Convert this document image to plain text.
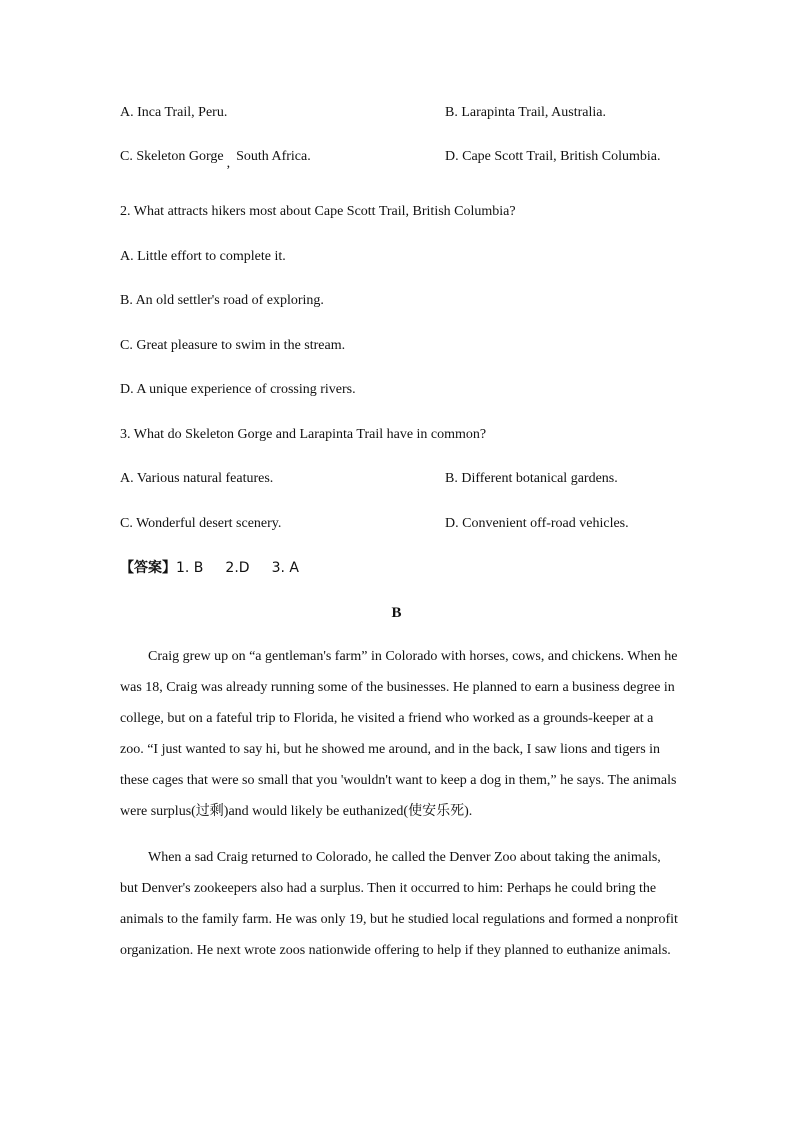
A. Inca Trail, Peru.	B. Larapinta Trail, Australia.
C. Skeleton Gorge , South Africa.	D. Cape Scott Trail, British Columbia.
2. What attracts hikers most about Cape Scott Trail, British Columbia?
A. Little effort to complete it.
B. An old settler's road of exploring.
C. Great pleasure to swim in the stream.
D. A unique experience of crossing rivers.
3. What do Skeleton Gorge and Larapinta Trail have in common?
A. Various natural features.	B. Different botanical gardens.
C. Wonderful desert scenery.	D. Convenient off-road vehicles.
【答案】1. B 2.D 3. A
B
Craig grew up on “a gentleman's farm” in Colorado with horses, cows, and chickens. When he was 18, Craig was already running some of the businesses. He planned to earn a business degree in college, but on a fateful trip to Florida, he visited a friend who worked as a grounds-keeper at a zoo. “I just wanted to say hi, but he showed me around, and in the back, I saw lions and tigers in these cages that were so small that you 'wouldn't want to keep a dog in them,” he says. The animals were surplus(过剩)and would likely be euthanized(使安乐死).
When a sad Craig returned to Colorado, he called the Denver Zoo about taking the animals, but Denver's zookeepers also had a surplus. Then it occurred to him: Perhaps he could bring the animals to the family farm. He was only 19, but he studied local regulations and formed a nonprofit organization. He next wrote zoos nationwide offering to help if they planned to euthanize animals.
